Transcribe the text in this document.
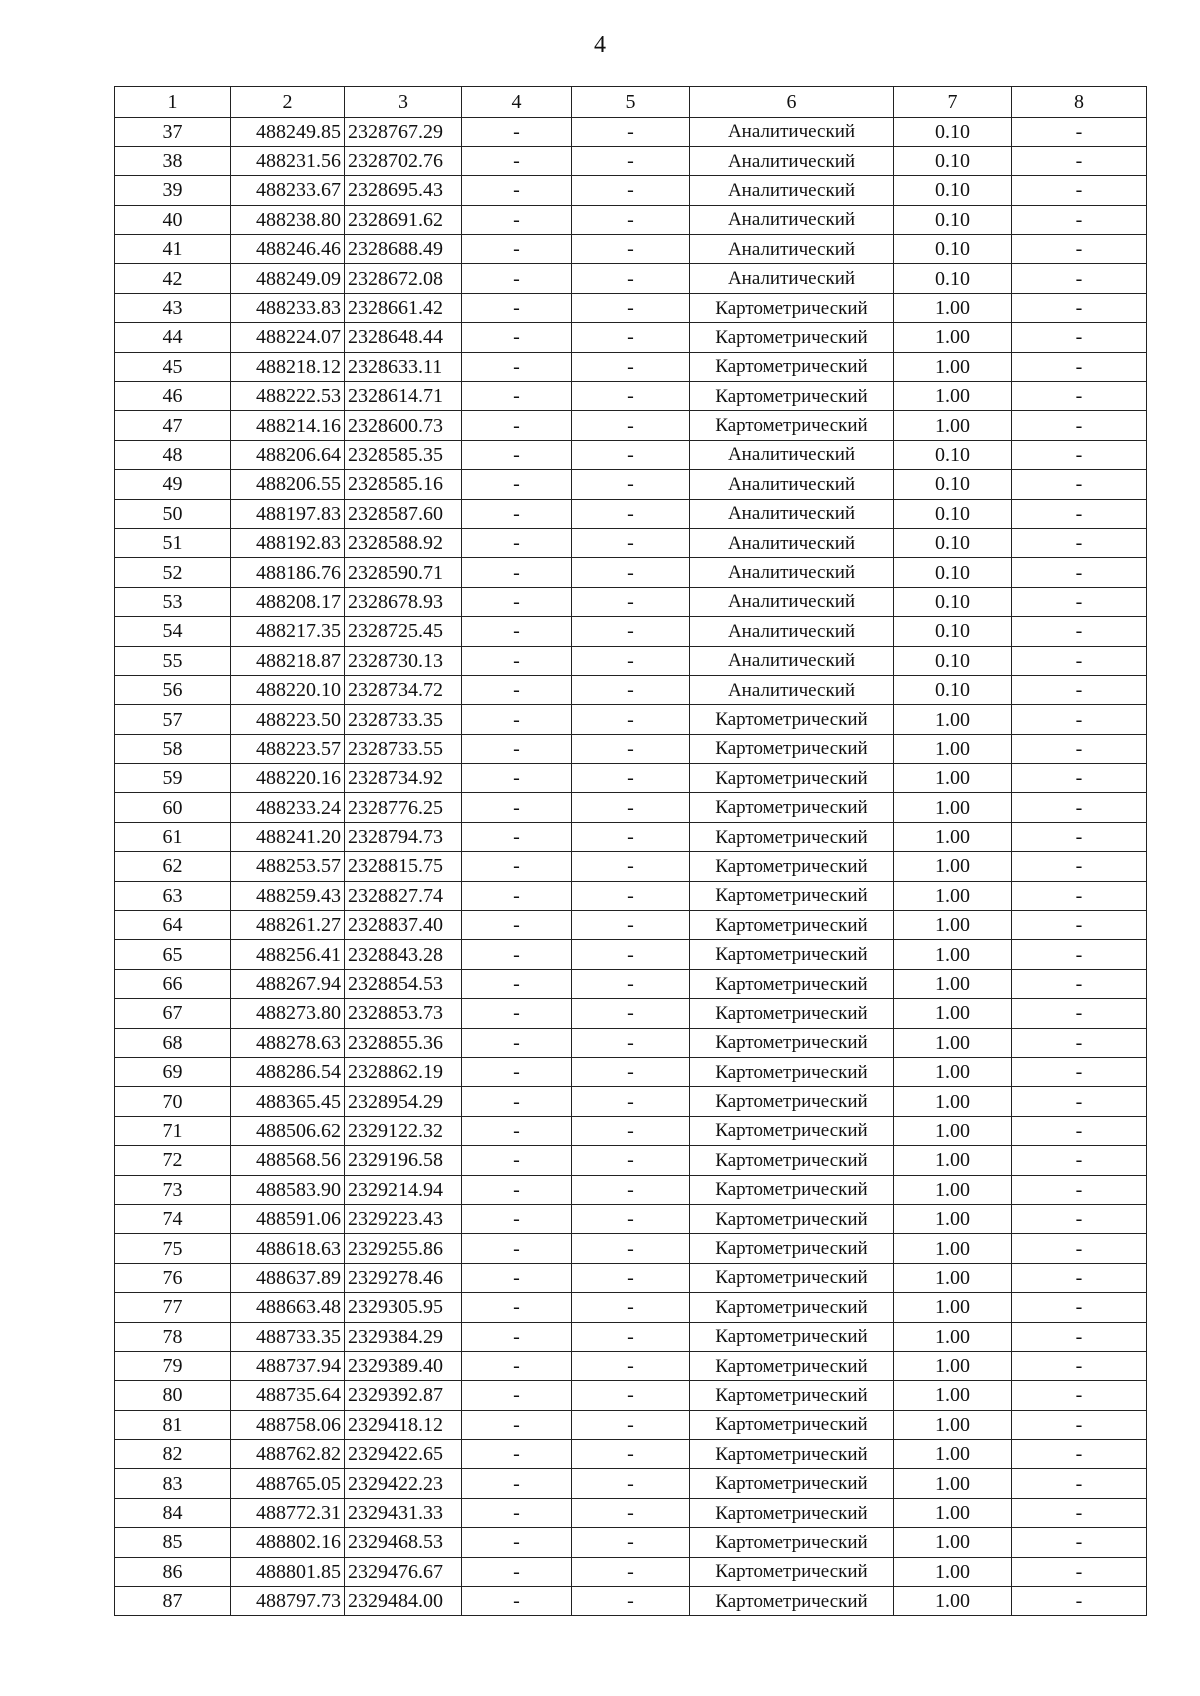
4
1	2	3	4	5	6	7	8
37	488249.85	2328767.29	-	-	Аналитический	0.10	-
38	488231.56	2328702.76	-	-	Аналитический	0.10	-
39	488233.67	2328695.43	-	-	Аналитический	0.10	-
40	488238.80	2328691.62	-	-	Аналитический	0.10	-
41	488246.46	2328688.49	-	-	Аналитический	0.10	-
42	488249.09	2328672.08	-	-	Аналитический	0.10	-
43	488233.83	2328661.42	-	-	Картометрический	1.00	-
44	488224.07	2328648.44	-	-	Картометрический	1.00	-
45	488218.12	2328633.11	-	-	Картометрический	1.00	-
46	488222.53	2328614.71	-	-	Картометрический	1.00	-
47	488214.16	2328600.73	-	-	Картометрический	1.00	-
48	488206.64	2328585.35	-	-	Аналитический	0.10	-
49	488206.55	2328585.16	-	-	Аналитический	0.10	-
50	488197.83	2328587.60	-	-	Аналитический	0.10	-
51	488192.83	2328588.92	-	-	Аналитический	0.10	-
52	488186.76	2328590.71	-	-	Аналитический	0.10	-
53	488208.17	2328678.93	-	-	Аналитический	0.10	-
54	488217.35	2328725.45	-	-	Аналитический	0.10	-
55	488218.87	2328730.13	-	-	Аналитический	0.10	-
56	488220.10	2328734.72	-	-	Аналитический	0.10	-
57	488223.50	2328733.35	-	-	Картометрический	1.00	-
58	488223.57	2328733.55	-	-	Картометрический	1.00	-
59	488220.16	2328734.92	-	-	Картометрический	1.00	-
60	488233.24	2328776.25	-	-	Картометрический	1.00	-
61	488241.20	2328794.73	-	-	Картометрический	1.00	-
62	488253.57	2328815.75	-	-	Картометрический	1.00	-
63	488259.43	2328827.74	-	-	Картометрический	1.00	-
64	488261.27	2328837.40	-	-	Картометрический	1.00	-
65	488256.41	2328843.28	-	-	Картометрический	1.00	-
66	488267.94	2328854.53	-	-	Картометрический	1.00	-
67	488273.80	2328853.73	-	-	Картометрический	1.00	-
68	488278.63	2328855.36	-	-	Картометрический	1.00	-
69	488286.54	2328862.19	-	-	Картометрический	1.00	-
70	488365.45	2328954.29	-	-	Картометрический	1.00	-
71	488506.62	2329122.32	-	-	Картометрический	1.00	-
72	488568.56	2329196.58	-	-	Картометрический	1.00	-
73	488583.90	2329214.94	-	-	Картометрический	1.00	-
74	488591.06	2329223.43	-	-	Картометрический	1.00	-
75	488618.63	2329255.86	-	-	Картометрический	1.00	-
76	488637.89	2329278.46	-	-	Картометрический	1.00	-
77	488663.48	2329305.95	-	-	Картометрический	1.00	-
78	488733.35	2329384.29	-	-	Картометрический	1.00	-
79	488737.94	2329389.40	-	-	Картометрический	1.00	-
80	488735.64	2329392.87	-	-	Картометрический	1.00	-
81	488758.06	2329418.12	-	-	Картометрический	1.00	-
82	488762.82	2329422.65	-	-	Картометрический	1.00	-
83	488765.05	2329422.23	-	-	Картометрический	1.00	-
84	488772.31	2329431.33	-	-	Картометрический	1.00	-
85	488802.16	2329468.53	-	-	Картометрический	1.00	-
86	488801.85	2329476.67	-	-	Картометрический	1.00	-
87	488797.73	2329484.00	-	-	Картометрический	1.00	-
